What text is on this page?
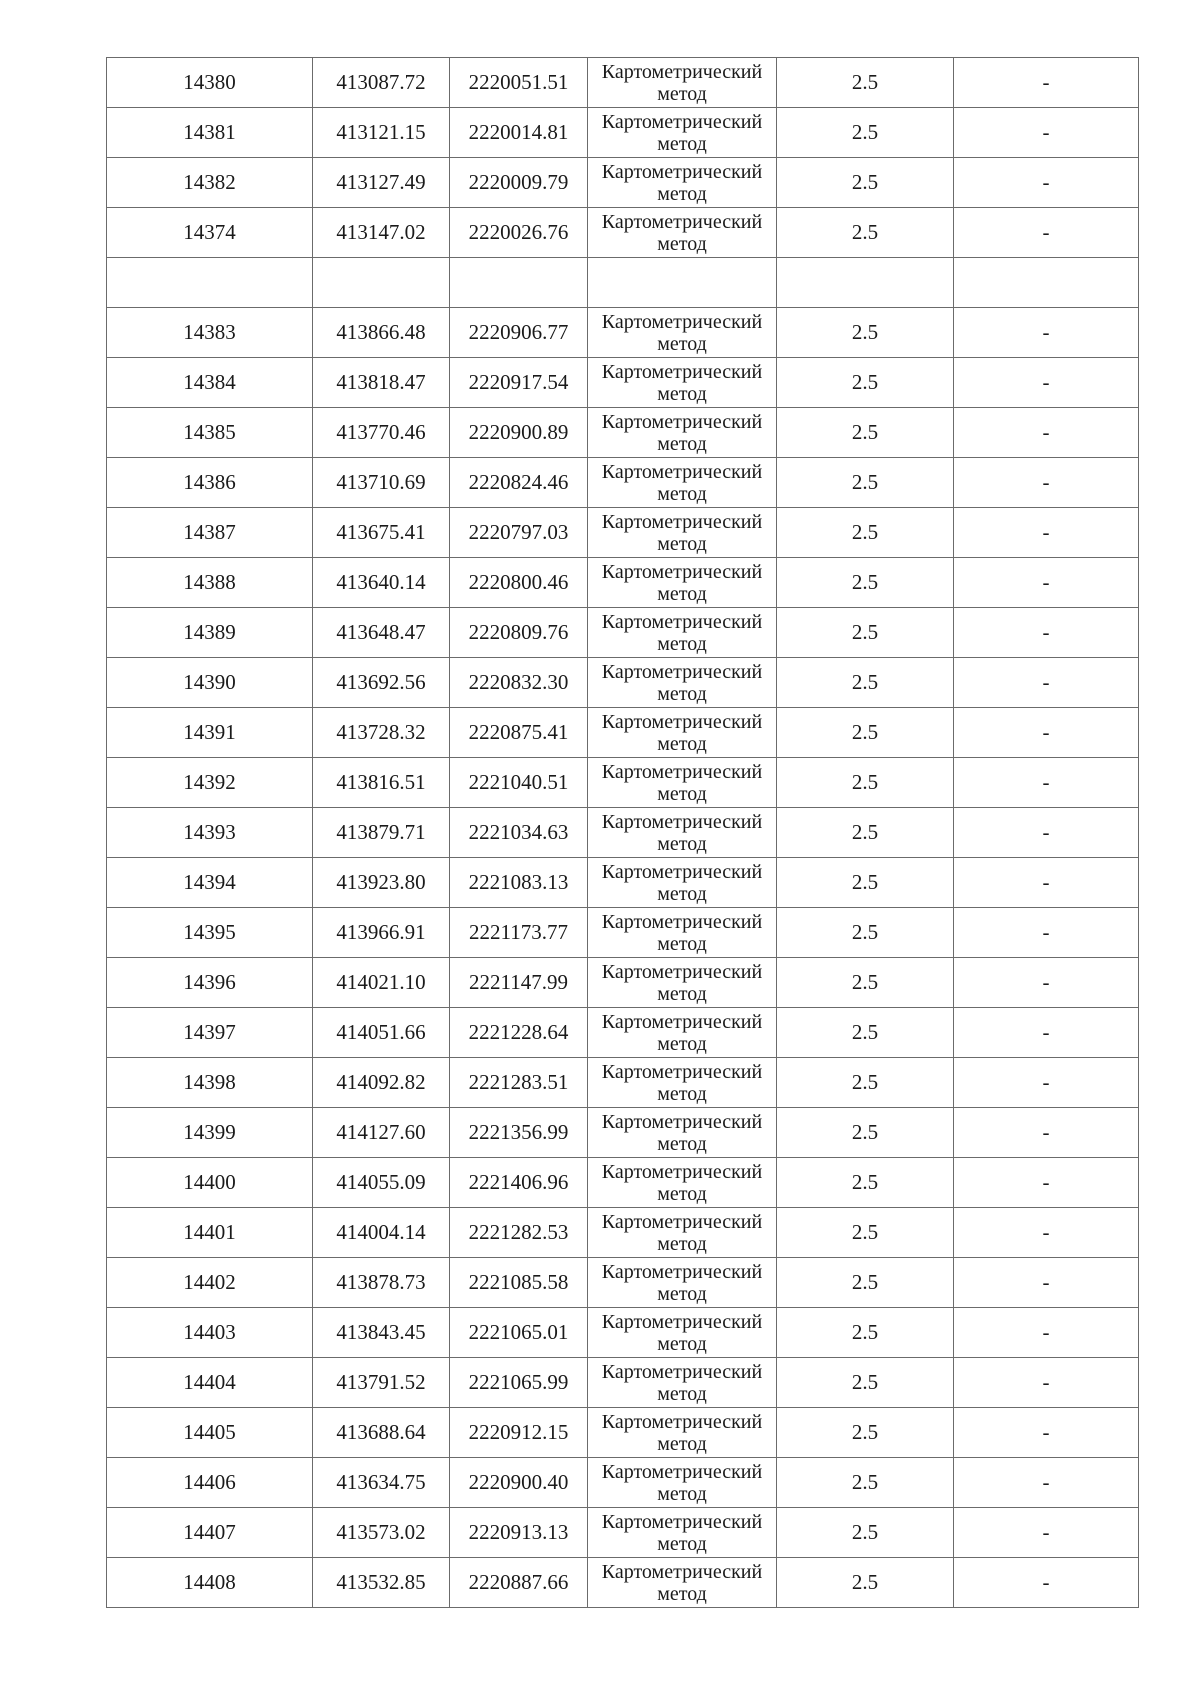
14380	413087.72	2220051.51	Картометрический метод	2.5	-
14381	413121.15	2220014.81	Картометрический метод	2.5	-
14382	413127.49	2220009.79	Картометрический метод	2.5	-
14374	413147.02	2220026.76	Картометрический метод	2.5	-

14383	413866.48	2220906.77	Картометрический метод	2.5	-
14384	413818.47	2220917.54	Картометрический метод	2.5	-
14385	413770.46	2220900.89	Картометрический метод	2.5	-
14386	413710.69	2220824.46	Картометрический метод	2.5	-
14387	413675.41	2220797.03	Картометрический метод	2.5	-
14388	413640.14	2220800.46	Картометрический метод	2.5	-
14389	413648.47	2220809.76	Картометрический метод	2.5	-
14390	413692.56	2220832.30	Картометрический метод	2.5	-
14391	413728.32	2220875.41	Картометрический метод	2.5	-
14392	413816.51	2221040.51	Картометрический метод	2.5	-
14393	413879.71	2221034.63	Картометрический метод	2.5	-
14394	413923.80	2221083.13	Картометрический метод	2.5	-
14395	413966.91	2221173.77	Картометрический метод	2.5	-
14396	414021.10	2221147.99	Картометрический метод	2.5	-
14397	414051.66	2221228.64	Картометрический метод	2.5	-
14398	414092.82	2221283.51	Картометрический метод	2.5	-
14399	414127.60	2221356.99	Картометрический метод	2.5	-
14400	414055.09	2221406.96	Картометрический метод	2.5	-
14401	414004.14	2221282.53	Картометрический метод	2.5	-
14402	413878.73	2221085.58	Картометрический метод	2.5	-
14403	413843.45	2221065.01	Картометрический метод	2.5	-
14404	413791.52	2221065.99	Картометрический метод	2.5	-
14405	413688.64	2220912.15	Картометрический метод	2.5	-
14406	413634.75	2220900.40	Картометрический метод	2.5	-
14407	413573.02	2220913.13	Картометрический метод	2.5	-
14408	413532.85	2220887.66	Картометрический метод	2.5	-
